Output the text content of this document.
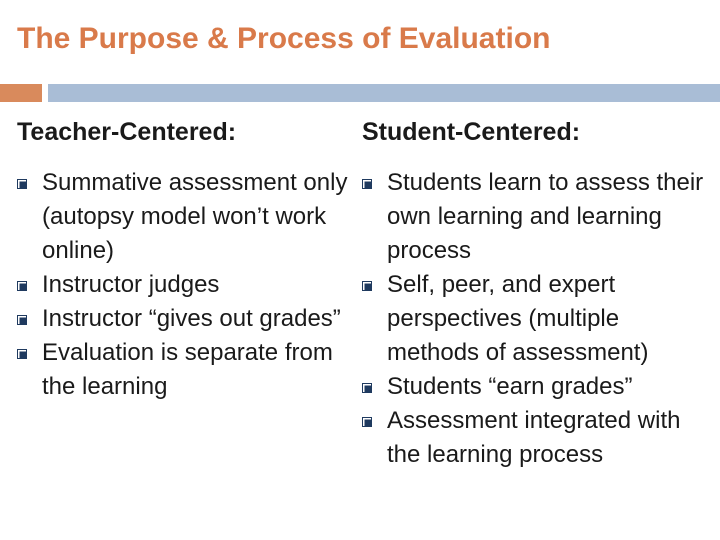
The Purpose & Process of Evaluation
Teacher-Centered:
Summative assessment only (autopsy model won’t work online)
Instructor judges
Instructor “gives out grades”
Evaluation is separate from the learning
Student-Centered:
Students learn to assess their own learning and learning process
Self, peer, and expert perspectives (multiple methods of assessment)
Students “earn grades”
Assessment integrated with the learning process
